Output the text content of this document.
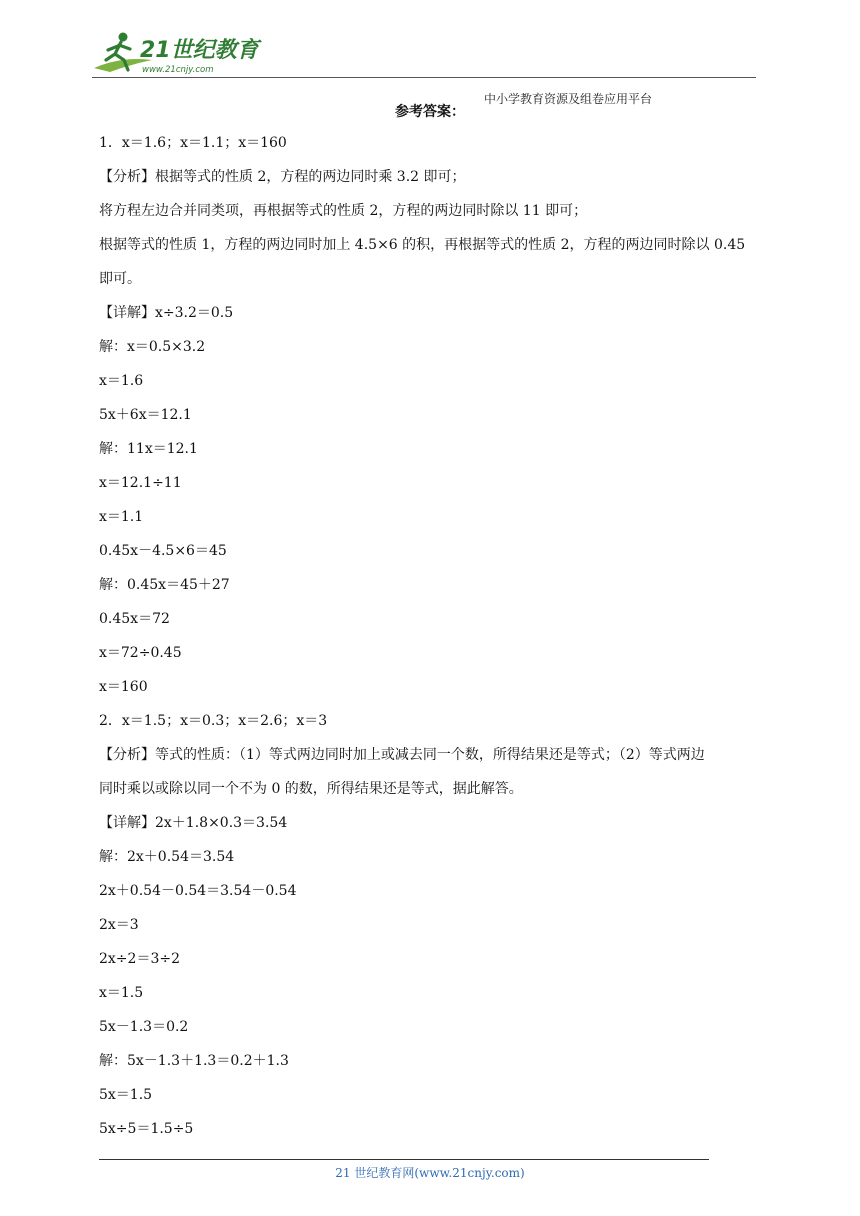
21世纪教育
www.21cnjy.com
中小学教育资源及组卷应用平台
参考答案：
1．x＝1.6；x＝1.1；x＝160
【分析】根据等式的性质 2，方程的两边同时乘 3.2 即可；
将方程左边合并同类项，再根据等式的性质 2，方程的两边同时除以 11 即可；
根据等式的性质 1，方程的两边同时加上 4.5×6 的积，再根据等式的性质 2，方程的两边同时除以 0.45
即可。
【详解】x÷3.2＝0.5
解：x＝0.5×3.2
x＝1.6
5x＋6x＝12.1
解：11x＝12.1
x＝12.1÷11
x＝1.1
0.45x－4.5×6＝45
解：0.45x＝45＋27
0.45x＝72
x＝72÷0.45
x＝160
2．x＝1.5；x＝0.3；x＝2.6；x＝3
【分析】等式的性质：（1）等式两边同时加上或减去同一个数，所得结果还是等式；（2）等式两边
同时乘以或除以同一个不为 0 的数，所得结果还是等式，据此解答。
【详解】2x＋1.8×0.3＝3.54
解：2x＋0.54＝3.54
2x＋0.54－0.54＝3.54－0.54
2x＝3
2x÷2＝3÷2
x＝1.5
5x－1.3＝0.2
解：5x－1.3＋1.3＝0.2＋1.3
5x＝1.5
5x÷5＝1.5÷5
21 世纪教育网(www.21cnjy.com)
